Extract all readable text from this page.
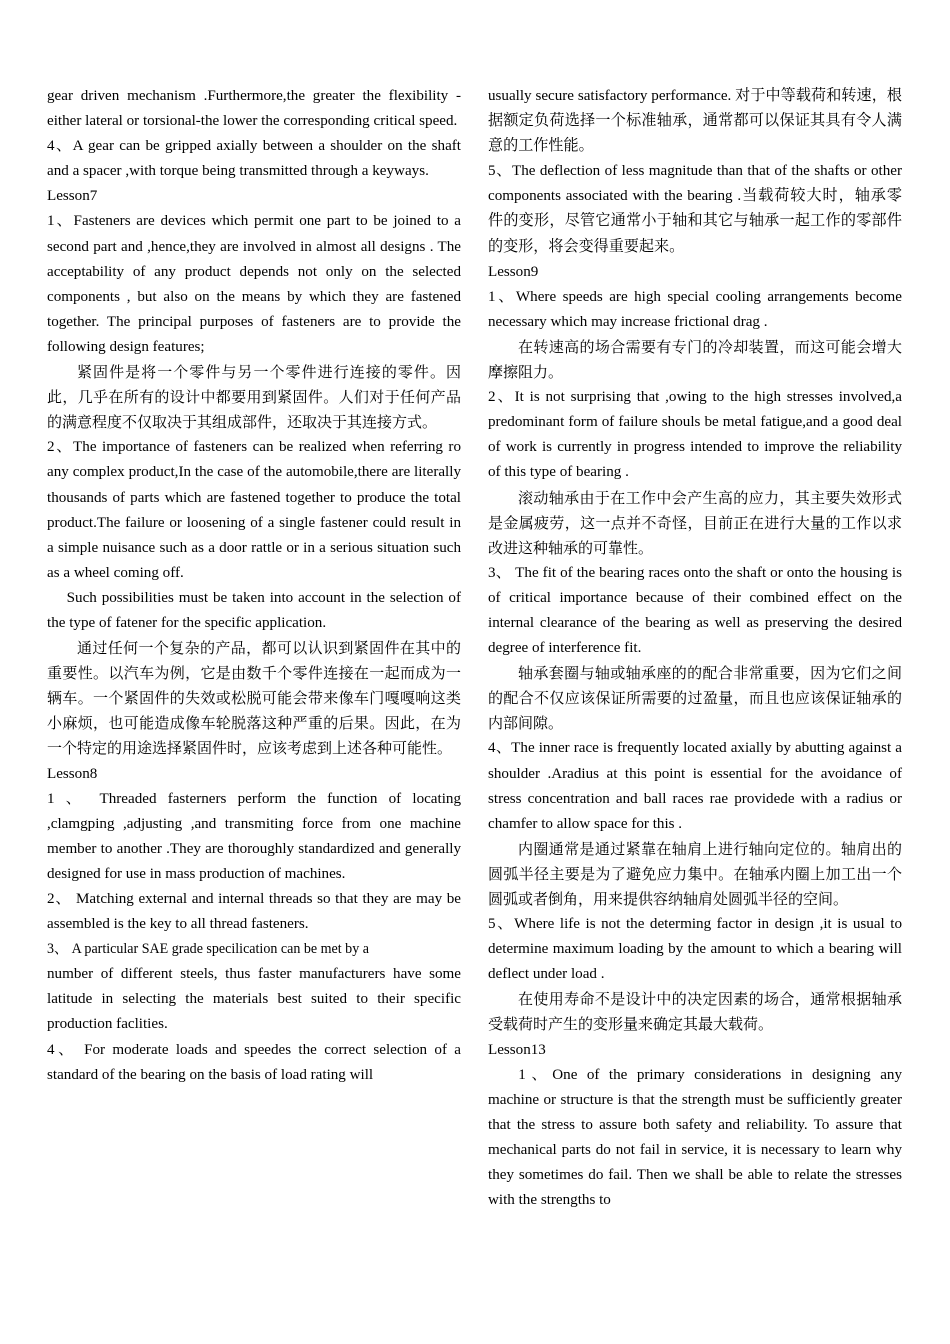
gear driven mechanism .Furthermore,the greater the flexibility -either lateral or torsional-the lower the corresponding critical speed.

4、A gear can be gripped axially between a shoulder on the shaft and a spacer ,with torque being transmitted through a keyways.

Lesson7

1、Fasteners are devices which permit one part to be joined to a second part and ,hence,they are involved in almost all designs . The acceptability of any product depends not only on the selected components , but also on the means by which they are fastened together. The principal purposes of fasteners are to provide the following design features;

紧固件是将一个零件与另一个零件进行连接的零件。因此，几乎在所有的设计中都要用到紧固件。人们对于任何产品的满意程度不仅取决于其组成部件，还取决于其连接方式。

2、The importance of fasteners can be realized when referring ro any complex product,In the case of the automobile,there are literally thousands of parts which are fastened together to produce the total product.The failure or loosening of a single fastener could result in a simple nuisance such as a door rattle or in a serious situation such as a wheel coming off.

Such possibilities must be taken into account in the selection of the type of fatener for the specific application.

通过任何一个复杂的产品，都可以认识到紧固件在其中的重要性。以汽车为例，它是由数千个零件连接在一起而成为一辆车。一个紧固件的失效或松脱可能会带来像车门嘎嘎响这类小麻烦，也可能造成像车轮脱落这种严重的后果。因此，在为一个特定的用途选择紧固件时，应该考虑到上述各种可能性。

Lesson8

1 、 Threaded fasterners perform the function of locating ,clamgping ,adjusting ,and transmiting force from one machine member to another .They are thoroughly standardized and generally designed for use in mass production of machines.

2、 Matching external and internal threads so that they are may be assembled is the key to all thread fasteners.

3、 A particular SAE grade specilication can be met by a

number of different steels, thus faster manufacturers have some latitude in selecting the materials best suited to their specific production faclities.

4、 For moderate loads and speedes the correct selection of a standard of the bearing on the basis of load rating will

usually secure satisfactory performance. 对于中等载荷和转速，根据额定负荷选择一个标准轴承，通常都可以保证其具有令人满意的工作性能。

5、The deflection of less magnitude than that of the shafts or other components associated with the bearing .当载荷较大时，轴承零件的变形，尽管它通常小于轴和其它与轴承一起工作的零部件的变形，将会变得重要起来。

Lesson9

1、Where speeds are high special cooling arrangements become necessary which may increase frictional drag .

在转速高的场合需要有专门的冷却装置，而这可能会增大摩擦阻力。

2、It is not surprising that ,owing to the high stresses involved,a predominant form of failure shouls be metal fatigue,and a good deal of work is currently in progress intended to improve the reliability of this type of bearing .

滚动轴承由于在工作中会产生高的应力，其主要失效形式是金属疲劳，这一点并不奇怪，目前正在进行大量的工作以求改进这种轴承的可靠性。

3、 The fit of the bearing races onto the shaft or onto the housing is of critical importance because of their combined effect on the internal clearance of the bearing as well as preserving the desired degree of interference fit.

轴承套圈与轴或轴承座的的配合非常重要，因为它们之间的配合不仅应该保证所需要的过盈量，而且也应该保证轴承的内部间隙。

4、The inner race is frequently located axially by abutting against a shoulder .Aradius at this point is essential for the avoidance of stress concentration and ball races rae providede with a radius or chamfer to allow space for this .

内圈通常是通过紧靠在轴肩上进行轴向定位的。轴肩出的圆弧半径主要是为了避免应力集中。在轴承内圈上加工出一个圆弧或者倒角，用来提供容纳轴肩处圆弧半径的空间。

5、Where life is not the determing factor in design ,it is usual to determine maximum loading by the amount to which a bearing will deflect under load .

在使用寿命不是设计中的决定因素的场合，通常根据轴承受载荷时产生的变形量来确定其最大载荷。

Lesson13

1、One of the primary considerations in designing any machine or structure is that the strength must be sufficiently greater that the stress to assure both safety and reliability. To assure that mechanical parts do not fail in service, it is necessary to learn why they sometimes do fail. Then we shall be able to relate the stresses with the strengths to
